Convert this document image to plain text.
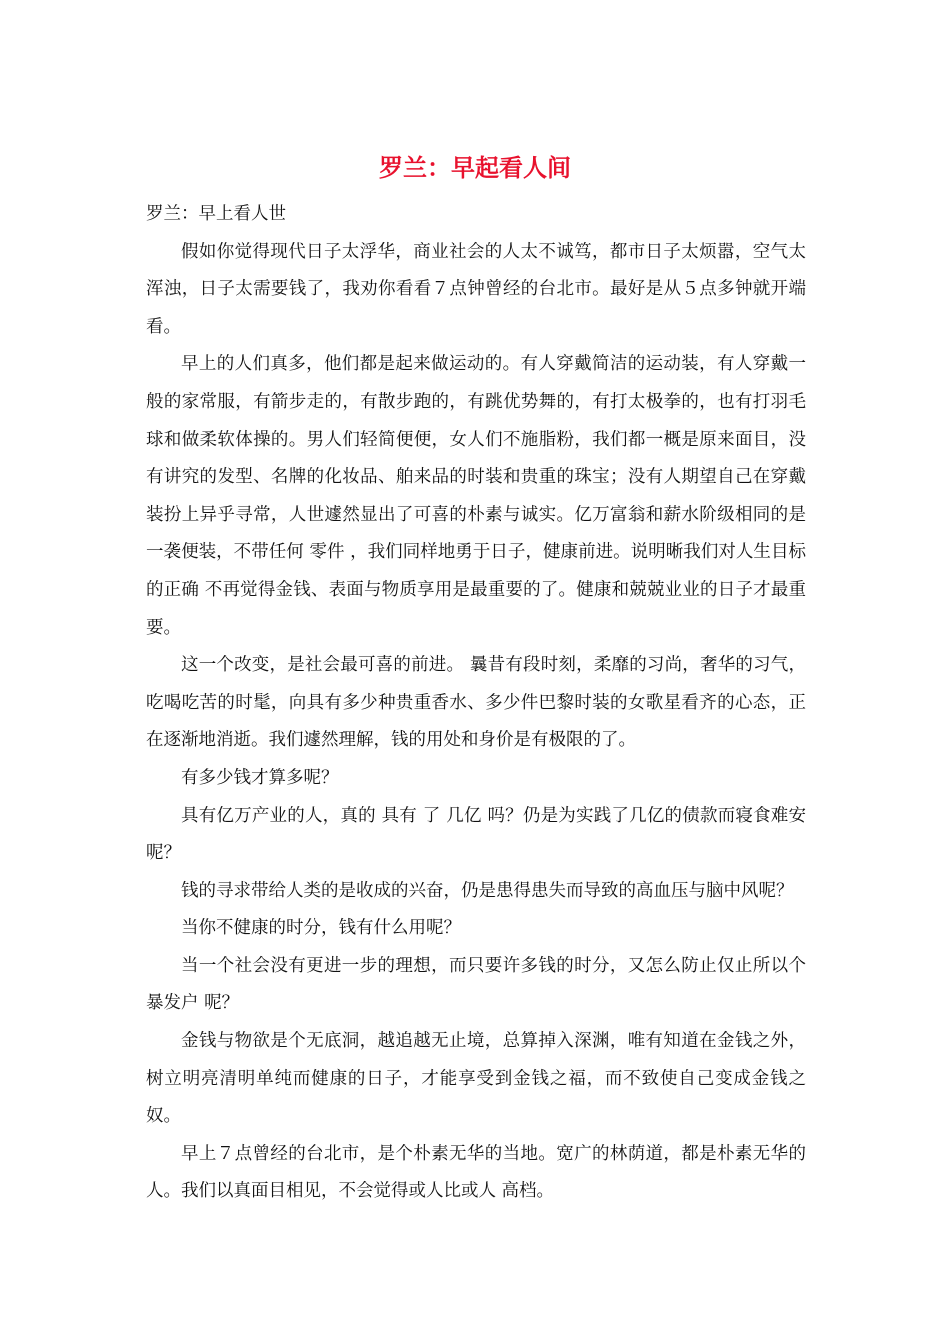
罗兰：早起看人间

罗兰：早上看人世

假如你觉得现代日子太浮华，商业社会的人太不诚笃，都市日子太烦嚣，空气太浑浊，日子太需要钱了，我劝你看看７点钟曾经的台北市。最好是从５点多钟就开端看。

早上的人们真多，他们都是起来做运动的。有人穿戴简洁的运动装，有人穿戴一般的家常服，有箭步走的，有散步跑的，有跳优势舞的，有打太极拳的，也有打羽毛球和做柔软体操的。男人们轻简便便，女人们不施脂粉，我们都一概是原来面目，没有讲究的发型、名牌的化妆品、舶来品的时装和贵重的珠宝；没有人期望自己在穿戴装扮上异乎寻常，人世遽然显出了可喜的朴素与诚实。亿万富翁和薪水阶级相同的是一袭便装，不带任何 零件 ，我们同样地勇于日子，健康前进。说明晰我们对人生目标的正确 不再觉得金钱、表面与物质享用是最重要的了。健康和兢兢业业的日子才最重要。

这一个改变，是社会最可喜的前进。 曩昔有段时刻，柔靡的习尚，奢华的习气，吃喝吃苦的时髦，向具有多少种贵重香水、多少件巴黎时装的女歌星看齐的心态，正在逐渐地消逝。我们遽然理解，钱的用处和身价是有极限的了。

有多少钱才算多呢？

具有亿万产业的人，真的 具有 了 几亿 吗？仍是为实践了几亿的债款而寝食难安呢？

钱的寻求带给人类的是收成的兴奋，仍是患得患失而导致的高血压与脑中风呢？

当你不健康的时分，钱有什么用呢？

当一个社会没有更进一步的理想，而只要许多钱的时分，又怎么防止仅止所以个 暴发户 呢？

金钱与物欲是个无底洞，越追越无止境，总算掉入深渊，唯有知道在金钱之外，树立明亮清明单纯而健康的日子，才能享受到金钱之福，而不致使自己变成金钱之奴。

早上７点曾经的台北市，是个朴素无华的当地。宽广的林荫道，都是朴素无华的人。我们以真面目相见，不会觉得或人比或人 高档。
